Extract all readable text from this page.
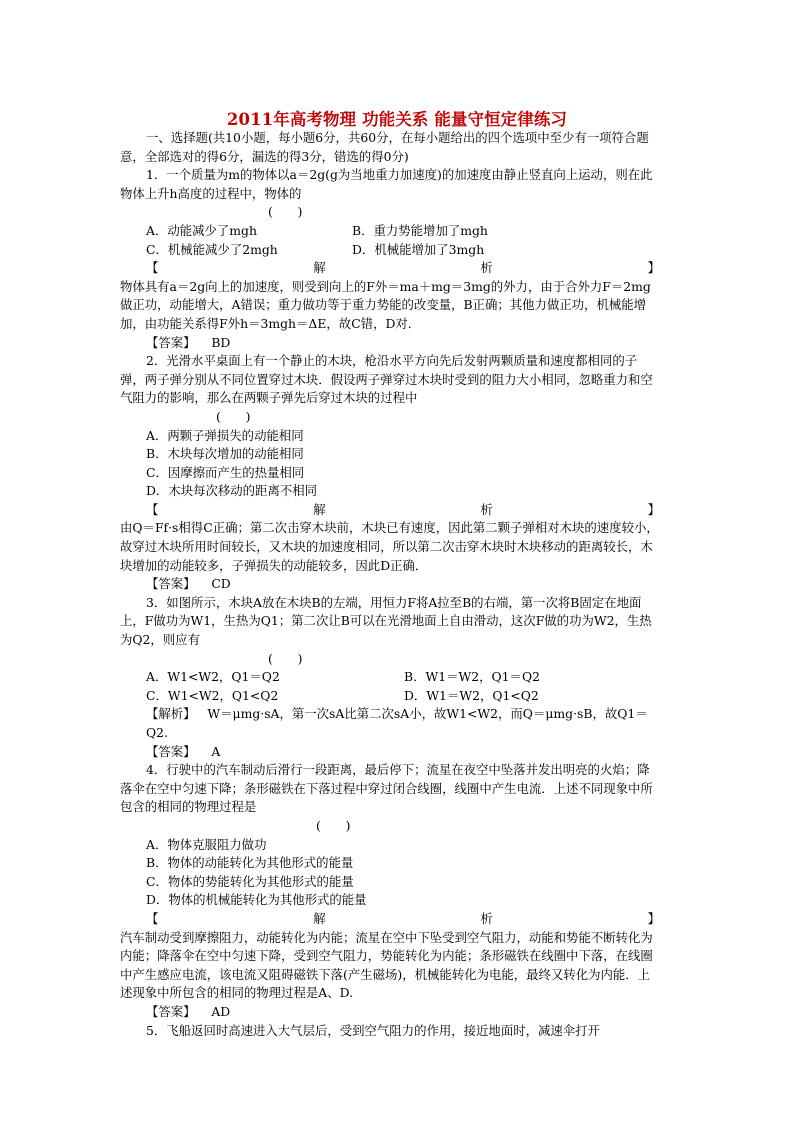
2011年高考物理 功能关系 能量守恒定律练习

一、选择题(共10小题，每小题6分，共60分，在每小题给出的四个选项中至少有一项符合题意，全部选对的得6分，漏选的得3分，错选的得0分)

1．一个质量为m的物体以a＝2g(g为当地重力加速度)的加速度由静止竖直向上运动，则在此物体上升h高度的过程中，物体的

(　　)

A．动能减少了mgh	B．重力势能增加了mgh
C．机械能减少了2mgh	D．机械能增加了3mgh
【	解	析	】

物体具有a＝2g向上的加速度，则受到向上的F外＝ma＋mg＝3mg的外力，由于合外力F＝2mg做正功，动能增大，A错误；重力做功等于重力势能的改变量，B正确；其他力做正功，机械能增加，由功能关系得F外h＝3mgh＝ΔE，故C错，D对．

【答案】 BD

2．光滑水平桌面上有一个静止的木块，枪沿水平方向先后发射两颗质量和速度都相同的子弹，两子弹分别从不同位置穿过木块．假设两子弹穿过木块时受到的阻力大小相同，忽略重力和空气阻力的影响，那么在两颗子弹先后穿过木块的过程中

(　　)

A．两颗子弹损失的动能相同

B．木块每次增加的动能相同

C．因摩擦而产生的热量相同

D．木块每次移动的距离不相同

【	解	析	】

由Q＝Ff·s相得C正确；第二次击穿木块前，木块已有速度，因此第二颗子弹相对木块的速度较小，故穿过木块所用时间较长，又木块的加速度相同，所以第二次击穿木块时木块移动的距离较长，木块增加的动能较多，子弹损失的动能较多，因此D正确．

【答案】 CD

3．如图所示，木块A放在木块B的左端，用恒力F将A拉至B的右端，第一次将B固定在地面上，F做功为W1，生热为Q1；第二次让B可以在光滑地面上自由滑动，这次F做的功为W2，生热为Q2，则应有

(　　)

A．W1<W2，Q1＝Q2	B．W1＝W2，Q1＝Q2
C．W1<W2，Q1<Q2	D．W1＝W2，Q1<Q2

【解析】 W＝μmg·sA，第一次sA比第二次sA小，故W1<W2，而Q＝μmg·sB，故Q1＝Q2.

【答案】 A

4．行驶中的汽车制动后滑行一段距离，最后停下；流星在夜空中坠落并发出明亮的火焰；降落伞在空中匀速下降；条形磁铁在下落过程中穿过闭合线圈，线圈中产生电流．上述不同现象中所包含的相同的物理过程是

(　　)

A．物体克服阻力做功

B．物体的动能转化为其他形式的能量

C．物体的势能转化为其他形式的能量

D．物体的机械能转化为其他形式的能量

【	解	析	】

汽车制动受到摩擦阻力，动能转化为内能；流星在空中下坠受到空气阻力，动能和势能不断转化为内能；降落伞在空中匀速下降，受到空气阻力，势能转化为内能；条形磁铁在线圈中下落，在线圈中产生感应电流，该电流又阻碍磁铁下落(产生磁场)，机械能转化为电能，最终又转化为内能．上述现象中所包含的相同的物理过程是A、D.

【答案】 AD

5．飞船返回时高速进入大气层后，受到空气阻力的作用，接近地面时，减速伞打开
